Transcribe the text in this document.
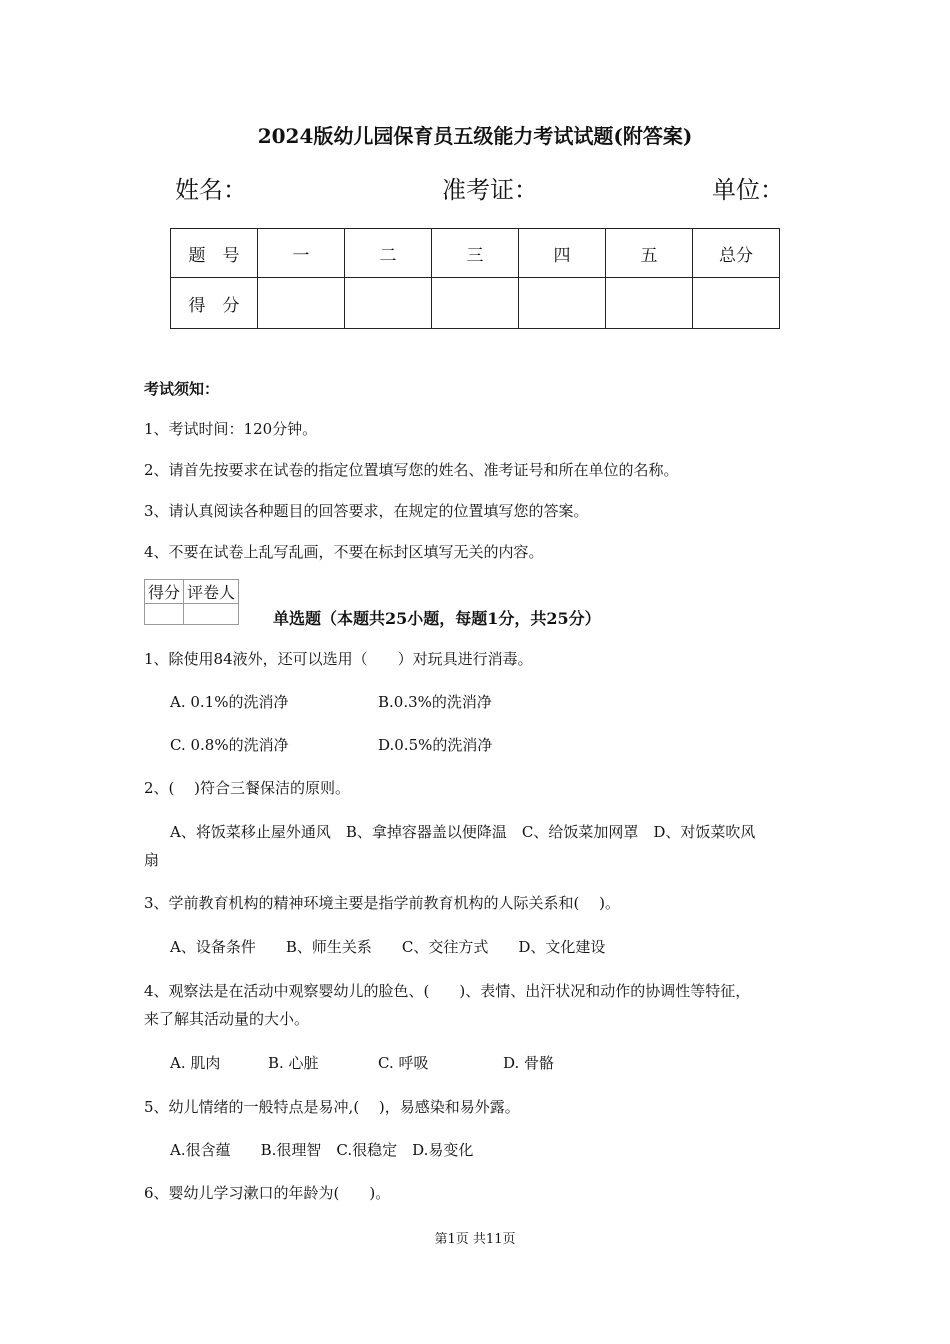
2024版幼儿园保育员五级能力考试试题(附答案)
姓名：	准考证：	单位：
题　号	一	二	三	四	五	总分
得　分						
考试须知：
1、考试时间：120分钟。
2、请首先按要求在试卷的指定位置填写您的姓名、准考证号和所在单位的名称。
3、请认真阅读各种题目的回答要求，在规定的位置填写您的答案。
4、不要在试卷上乱写乱画，不要在标封区填写无关的内容。
得分	评卷人

单选题（本题共25小题，每题1分，共25分）
1、除使用84液外，还可以选用（　　）对玩具进行消毒。
A. 0.1%的洗消净	B.0.3%的洗消净
C. 0.8%的洗消净	D.0.5%的洗消净
2、(　 )符合三餐保洁的原则。
A、将饭菜移止屋外通风　B、拿掉容器盖以便降温　C、给饭菜加网罩　D、对饭菜吹风
扇
3、学前教育机构的精神环境主要是指学前教育机构的人际关系和(　 )。
A、设备条件　　B、师生关系　　C、交往方式　　D、文化建设
4、观察法是在活动中观察婴幼儿的脸色、(　　)、表情、出汗状况和动作的协调性等特征，
来了解其活动量的大小。
A. 肌肉	B. 心脏	C. 呼吸	D. 骨骼
5、幼儿情绪的一般特点是易冲,(　 )，易感染和易外露。
A.很含蕴　　B.很理智　C.很稳定　D.易变化
6、婴幼儿学习漱口的年龄为(　　)。
第1页 共11页
